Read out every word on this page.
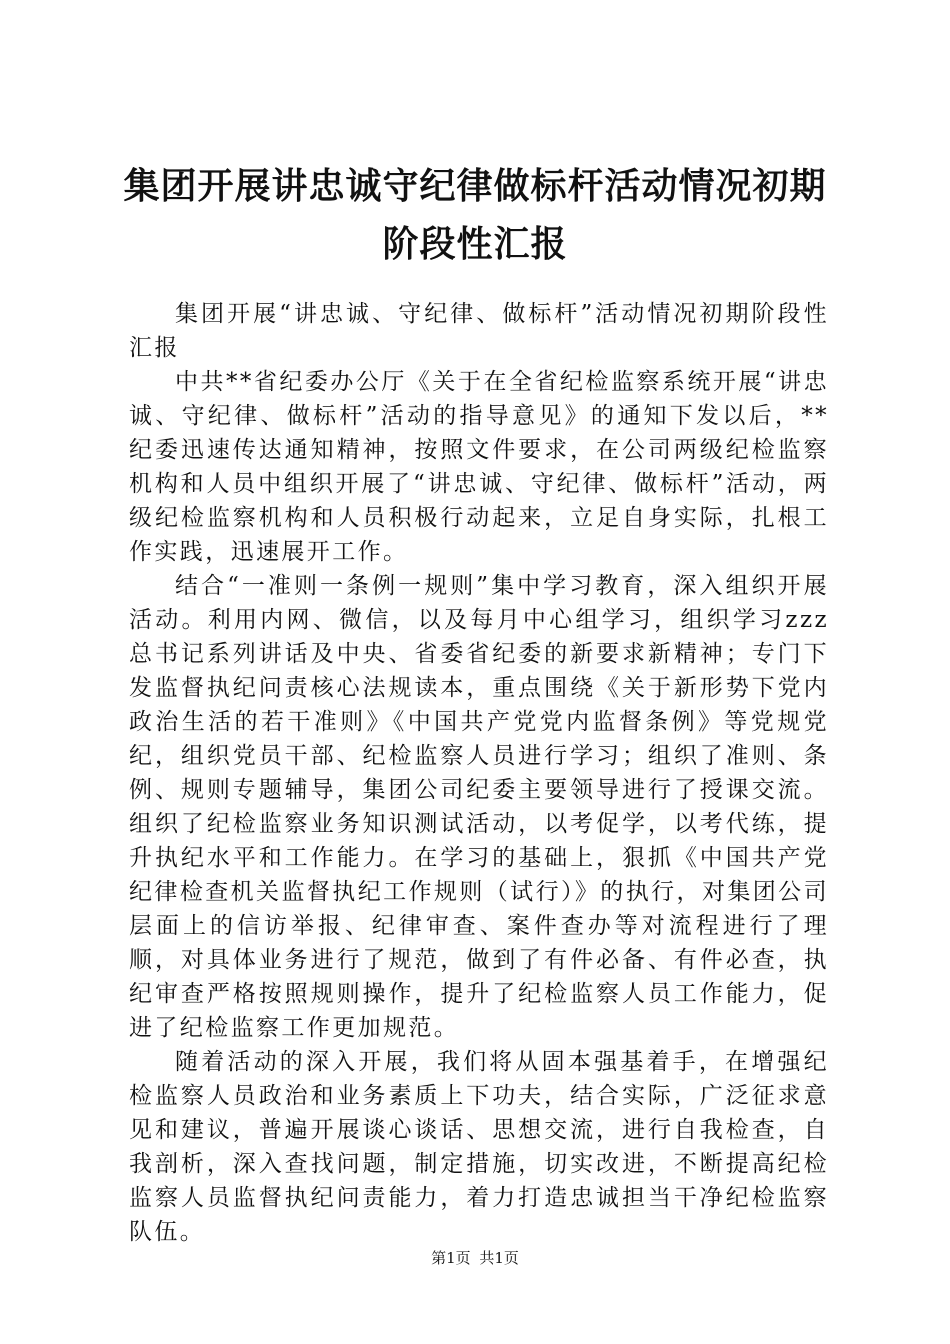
集团开展讲忠诚守纪律做标杆活动情况初期阶段性汇报

集团开展“讲忠诚、守纪律、做标杆”活动情况初期阶段性汇报

中共**省纪委办公厅《关于在全省纪检监察系统开展“讲忠诚、守纪律、做标杆”活动的指导意见》的通知下发以后，**纪委迅速传达通知精神，按照文件要求，在公司两级纪检监察机构和人员中组织开展了“讲忠诚、守纪律、做标杆”活动，两级纪检监察机构和人员积极行动起来，立足自身实际，扎根工作实践，迅速展开工作。

结合“一准则一条例一规则”集中学习教育，深入组织开展活动。利用内网、微信，以及每月中心组学习，组织学习zzz总书记系列讲话及中央、省委省纪委的新要求新精神；专门下发监督执纪问责核心法规读本，重点围绕《关于新形势下党内政治生活的若干准则》《中国共产党党内监督条例》等党规党纪，组织党员干部、纪检监察人员进行学习；组织了准则、条例、规则专题辅导，集团公司纪委主要领导进行了授课交流。组织了纪检监察业务知识测试活动，以考促学，以考代练，提升执纪水平和工作能力。在学习的基础上，狠抓《中国共产党纪律检查机关监督执纪工作规则（试行）》的执行，对集团公司层面上的信访举报、纪律审查、案件查办等对流程进行了理顺，对具体业务进行了规范，做到了有件必备、有件必查，执纪审查严格按照规则操作，提升了纪检监察人员工作能力，促进了纪检监察工作更加规范。

随着活动的深入开展，我们将从固本强基着手，在增强纪检监察人员政治和业务素质上下功夫，结合实际，广泛征求意见和建议，普遍开展谈心谈话、思想交流，进行自我检查，自我剖析，深入查找问题，制定措施，切实改进，不断提高纪检监察人员监督执纪问责能力，着力打造忠诚担当干净纪检监察队伍。

第1页 共1页
